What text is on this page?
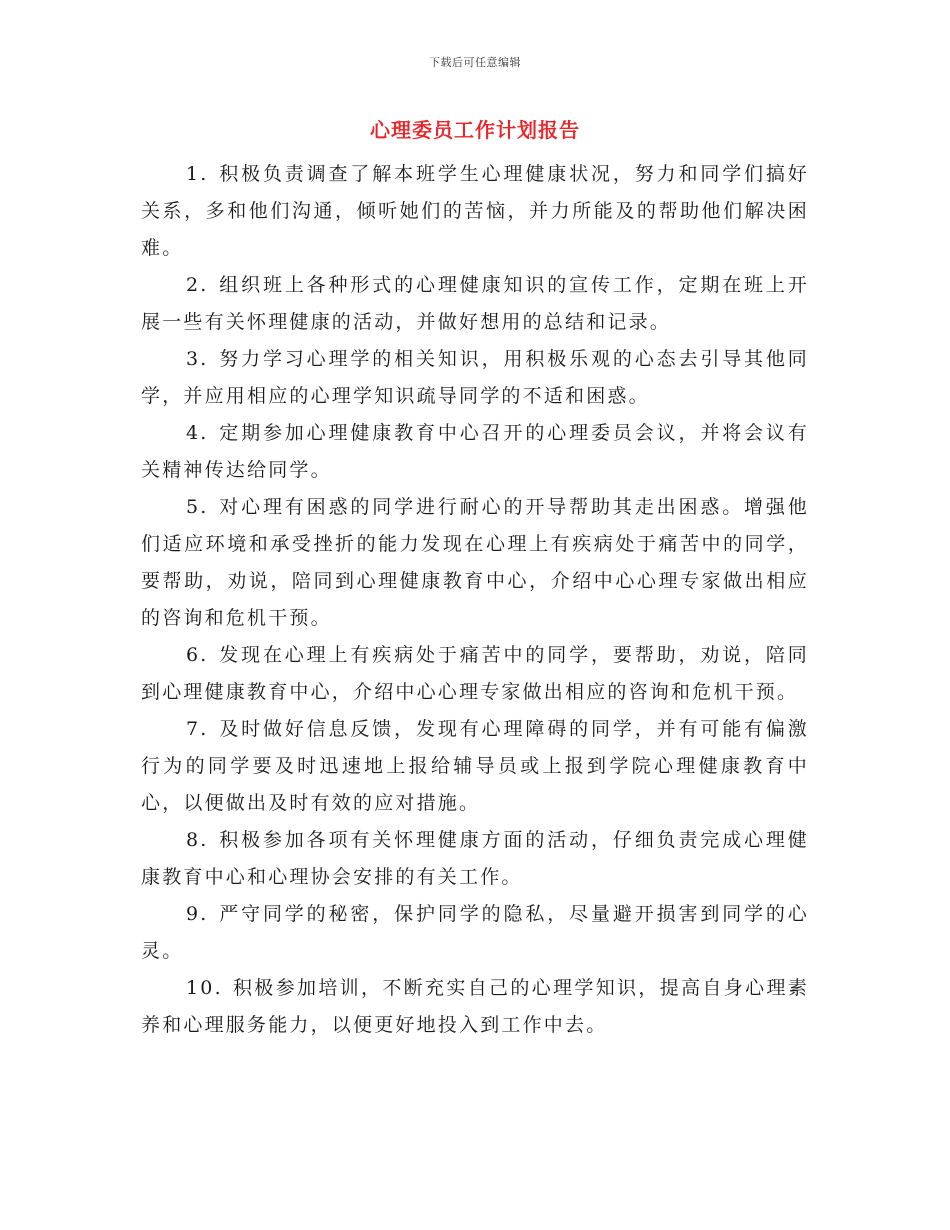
下载后可任意编辑
心理委员工作计划报告

1. 积极负责调查了解本班学生心理健康状况，努力和同学们搞好关系，多和他们沟通，倾听她们的苦恼，并力所能及的帮助他们解决困难。

2. 组织班上各种形式的心理健康知识的宣传工作，定期在班上开展一些有关怀理健康的活动，并做好想用的总结和记录。

3. 努力学习心理学的相关知识，用积极乐观的心态去引导其他同学，并应用相应的心理学知识疏导同学的不适和困惑。

4. 定期参加心理健康教育中心召开的心理委员会议，并将会议有关精神传达给同学。

5. 对心理有困惑的同学进行耐心的开导帮助其走出困惑。增强他们适应环境和承受挫折的能力发现在心理上有疾病处于痛苦中的同学，要帮助，劝说，陪同到心理健康教育中心，介绍中心心理专家做出相应的咨询和危机干预。

6. 发现在心理上有疾病处于痛苦中的同学，要帮助，劝说，陪同到心理健康教育中心，介绍中心心理专家做出相应的咨询和危机干预。

7. 及时做好信息反馈，发现有心理障碍的同学，并有可能有偏激行为的同学要及时迅速地上报给辅导员或上报到学院心理健康教育中心，以便做出及时有效的应对措施。

8. 积极参加各项有关怀理健康方面的活动，仔细负责完成心理健康教育中心和心理协会安排的有关工作。

9. 严守同学的秘密，保护同学的隐私，尽量避开损害到同学的心灵。

10. 积极参加培训，不断充实自己的心理学知识，提高自身心理素养和心理服务能力，以便更好地投入到工作中去。
